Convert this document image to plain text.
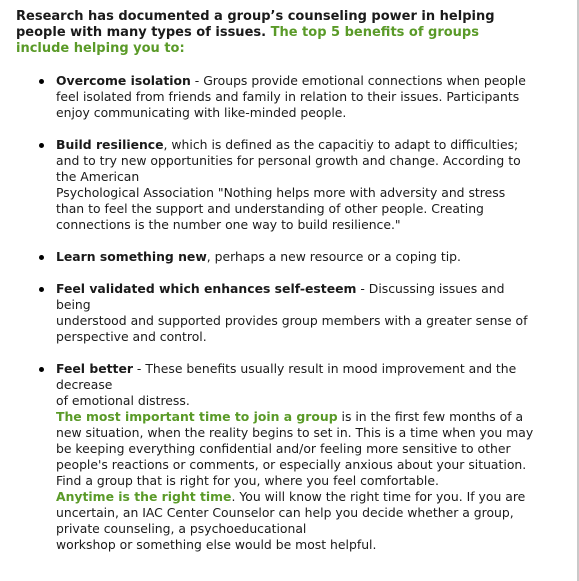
Research has documented a group’s counseling power in helping people with many types of issues. The top 5 benefits of groups include helping you to:

Overcome isolation - Groups provide emotional connections when people feel isolated from friends and family in relation to their issues. Participants enjoy communicating with like-minded people.
Build resilience, which is defined as the capacitiy to adapt to difficulties; and to try new opportunities for personal growth and change. According to the American
Psychological Association "Nothing helps more with adversity and stress than to feel the support and understanding of other people. Creating connections is the number one way to build resilience."
Learn something new, perhaps a new resource or a coping tip.
Feel validated which enhances self-esteem - Discussing issues and being
understood and supported provides group members with a greater sense of perspective and control.
Feel better - These benefits usually result in mood improvement and the decrease
of emotional distress.
The most important time to join a group is in the first few months of a new situation, when the reality begins to set in. This is a time when you may be keeping everything confidential and/or feeling more sensitive to other people's reactions or comments, or especially anxious about your situation. Find a group that is right for you, where you feel comfortable.
Anytime is the right time. You will know the right time for you. If you are uncertain, an IAC Center Counselor can help you decide whether a group, private counseling, a psychoeducational
workshop or something else would be most helpful.
